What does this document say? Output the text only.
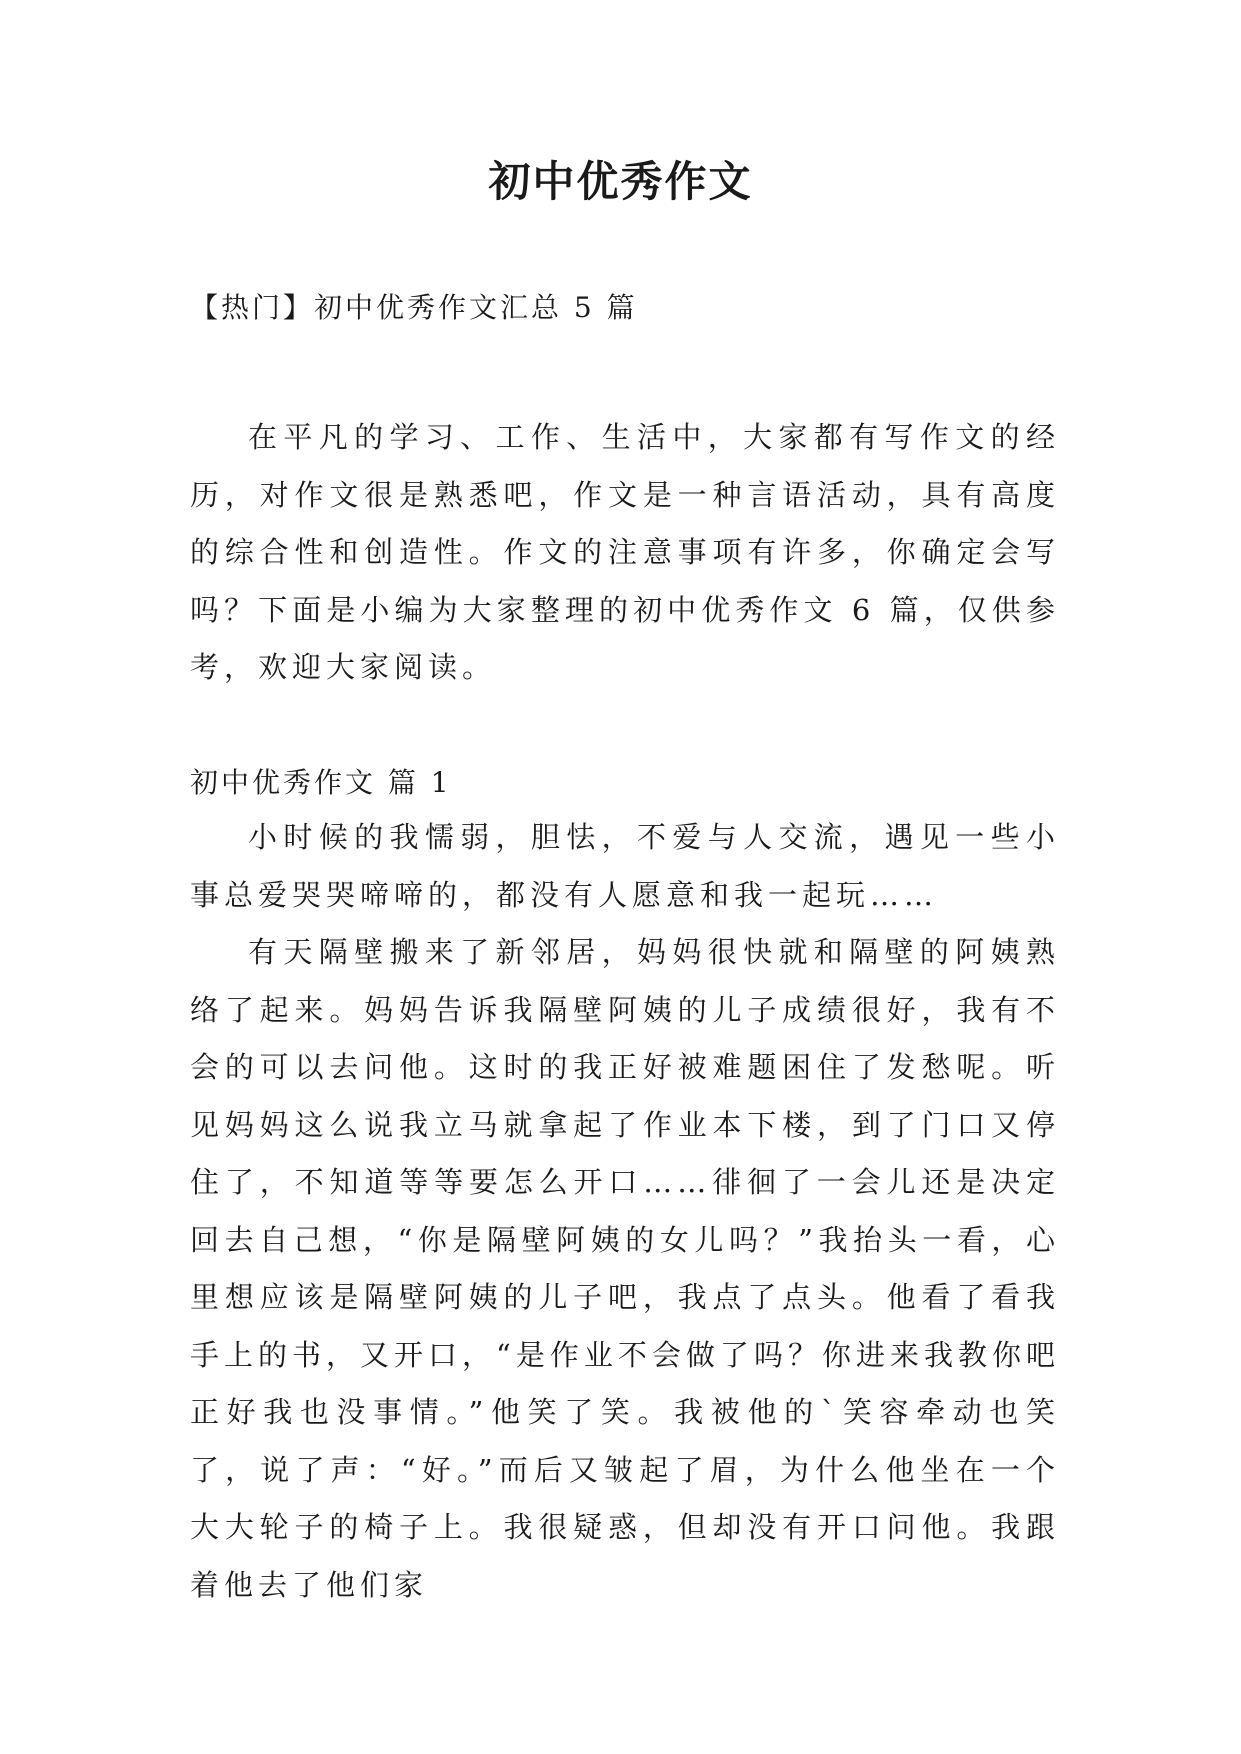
初中优秀作文
【热门】初中优秀作文汇总 5 篇

在平凡的学习、工作、生活中，大家都有写作文的经历，对作文很是熟悉吧，作文是一种言语活动，具有高度的综合性和创造性。作文的注意事项有许多，你确定会写吗？下面是小编为大家整理的初中优秀作文 6 篇，仅供参考，欢迎大家阅读。

初中优秀作文 篇 1

小时候的我懦弱，胆怯，不爱与人交流，遇见一些小事总爱哭哭啼啼的，都没有人愿意和我一起玩……

有天隔壁搬来了新邻居，妈妈很快就和隔壁的阿姨熟络了起来。妈妈告诉我隔壁阿姨的儿子成绩很好，我有不会的可以去问他。这时的我正好被难题困住了发愁呢。听见妈妈这么说我立马就拿起了作业本下楼，到了门口又停住了，不知道等等要怎么开口……徘徊了一会儿还是决定回去自己想，“你是隔壁阿姨的女儿吗？”我抬头一看，心里想应该是隔壁阿姨的儿子吧，我点了点头。他看了看我手上的书，又开口，“是作业不会做了吗？你进来我教你吧正好我也没事情。”他笑了笑。我被他的`笑容牵动也笑了，说了声：“好。”而后又皱起了眉，为什么他坐在一个大大轮子的椅子上。我很疑惑，但却没有开口问他。我跟着他去了他们家
